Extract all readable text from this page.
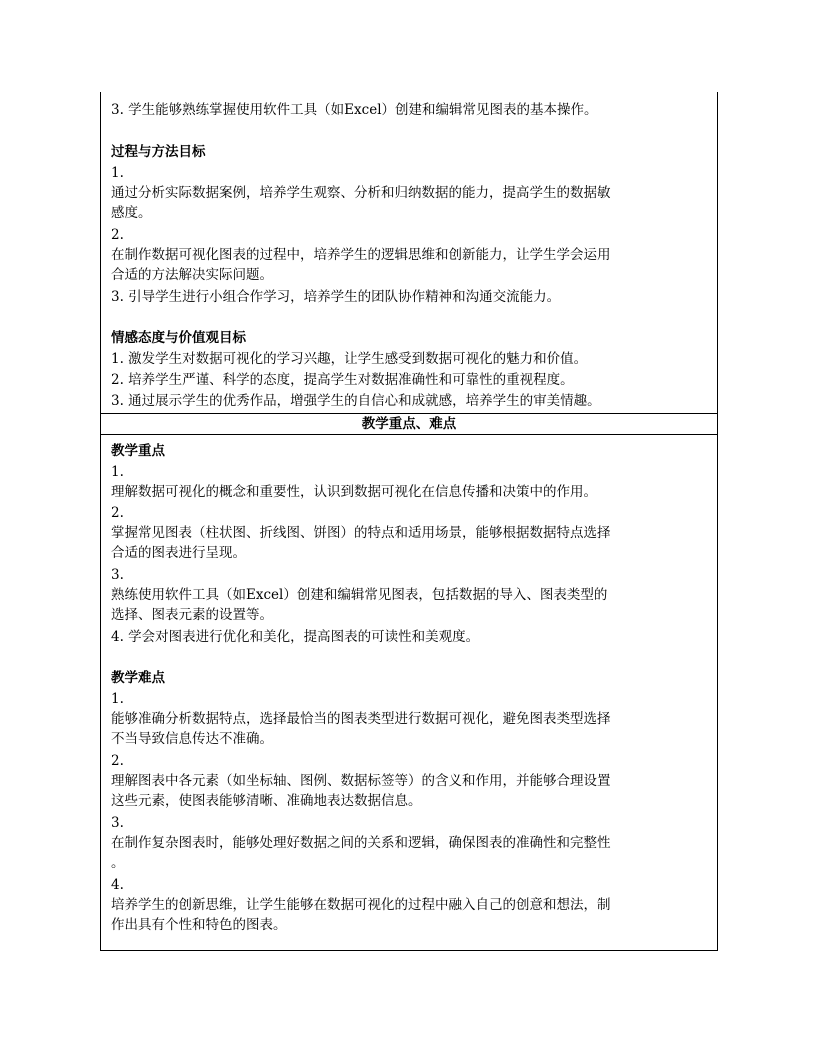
3. 学生能够熟练掌握使用软件工具（如Excel）创建和编辑常见图表的基本操作。
过程与方法目标
1.
通过分析实际数据案例，培养学生观察、分析和归纳数据的能力，提高学生的数据敏
感度。
2.
在制作数据可视化图表的过程中，培养学生的逻辑思维和创新能力，让学生学会运用
合适的方法解决实际问题。
3. 引导学生进行小组合作学习，培养学生的团队协作精神和沟通交流能力。
情感态度与价值观目标
1. 激发学生对数据可视化的学习兴趣，让学生感受到数据可视化的魅力和价值。
2. 培养学生严谨、科学的态度，提高学生对数据准确性和可靠性的重视程度。
3. 通过展示学生的优秀作品，增强学生的自信心和成就感，培养学生的审美情趣。
教学重点、难点
教学重点
1.
理解数据可视化的概念和重要性，认识到数据可视化在信息传播和决策中的作用。
2.
掌握常见图表（柱状图、折线图、饼图）的特点和适用场景，能够根据数据特点选择
合适的图表进行呈现。
3.
熟练使用软件工具（如Excel）创建和编辑常见图表，包括数据的导入、图表类型的
选择、图表元素的设置等。
4. 学会对图表进行优化和美化，提高图表的可读性和美观度。
教学难点
1.
能够准确分析数据特点，选择最恰当的图表类型进行数据可视化，避免图表类型选择
不当导致信息传达不准确。
2.
理解图表中各元素（如坐标轴、图例、数据标签等）的含义和作用，并能够合理设置
这些元素，使图表能够清晰、准确地表达数据信息。
3.
在制作复杂图表时，能够处理好数据之间的关系和逻辑，确保图表的准确性和完整性
。
4.
培养学生的创新思维，让学生能够在数据可视化的过程中融入自己的创意和想法，制
作出具有个性和特色的图表。
